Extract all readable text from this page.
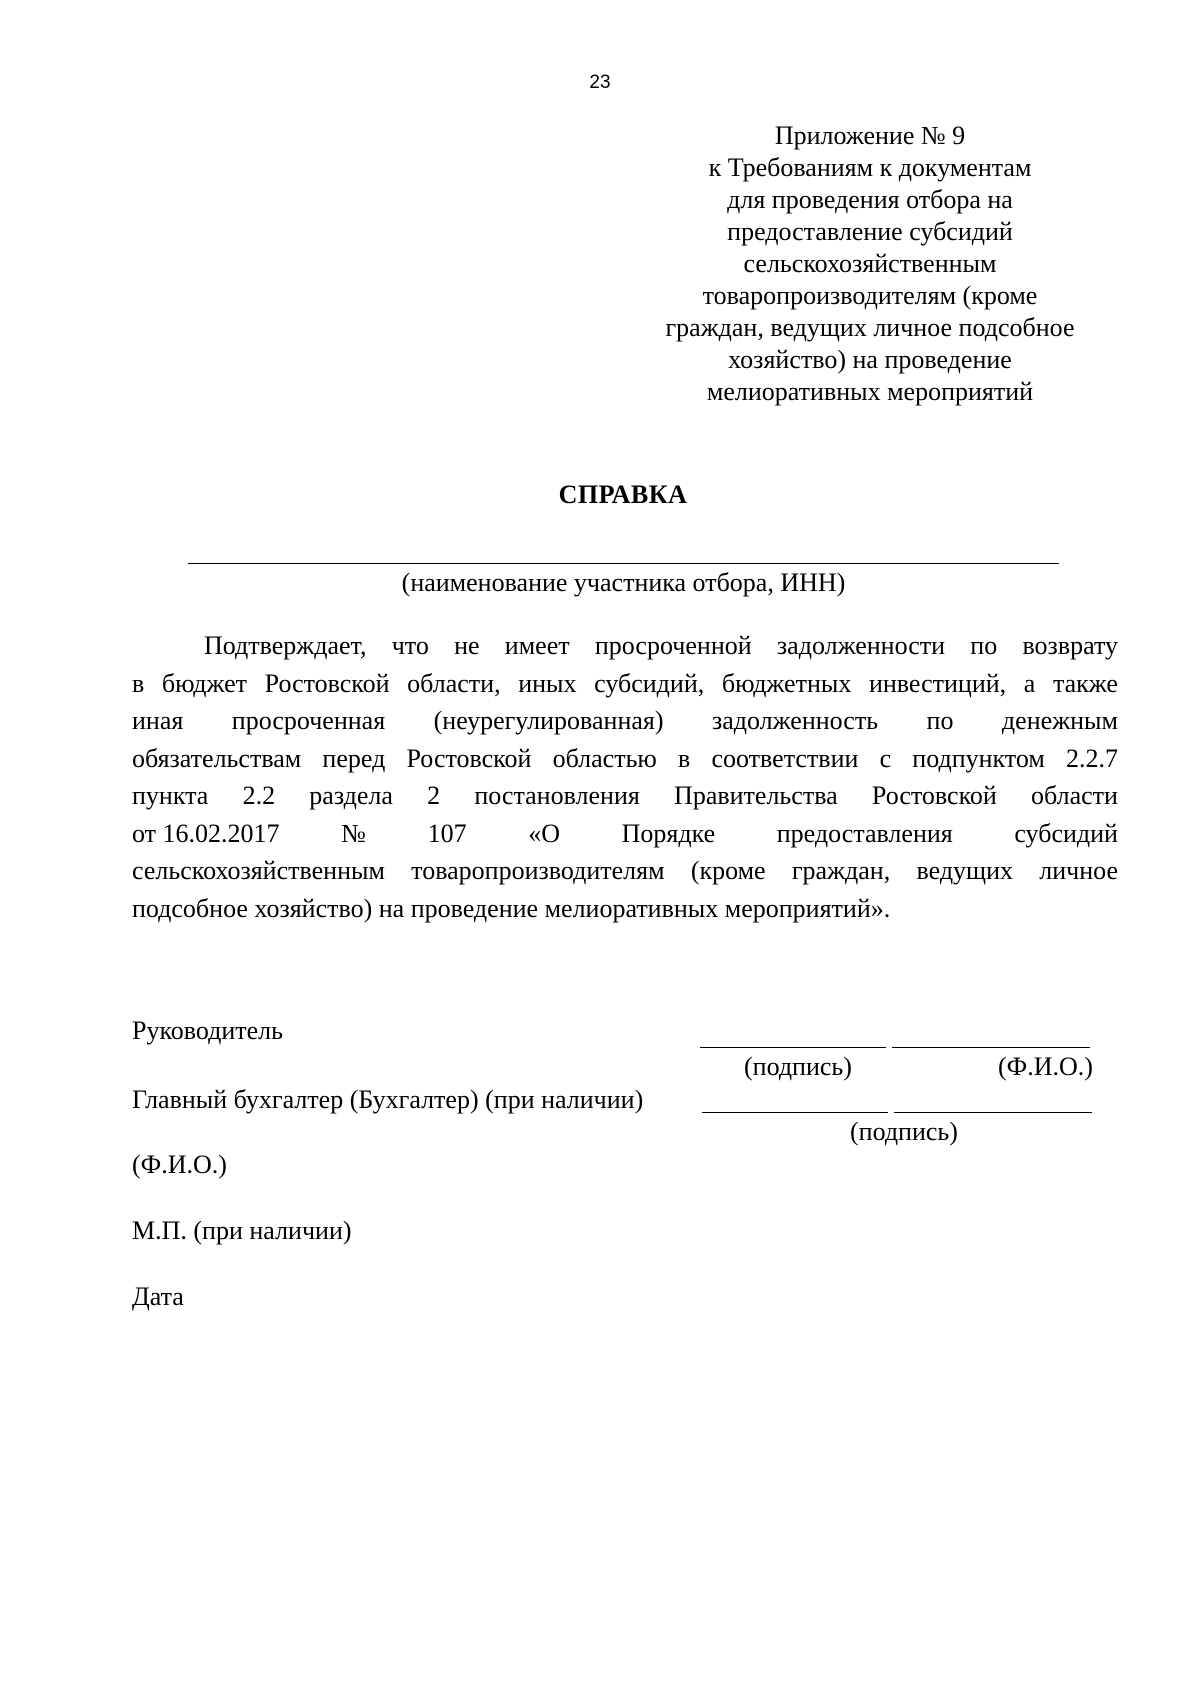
23
Приложение № 9
к Требованиям к документам
для проведения отбора на
предоставление субсидий
сельскохозяйственным
товаропроизводителям (кроме
граждан, ведущих личное подсобное
хозяйство) на проведение
мелиоративных мероприятий
СПРАВКА
(наименование участника отбора, ИНН)
Подтверждает, что не имеет просроченной задолженности по возврату
в бюджет Ростовской области, иных субсидий, бюджетных инвестиций, а также
иная просроченная (неурегулированная) задолженность по денежным
обязательствам перед Ростовской областью в соответствии с подпунктом 2.2.7
пункта 2.2 раздела 2 постановления Правительства Ростовской области
от 16.02.2017 № 107 «О Порядке предоставления субсидий
сельскохозяйственным товаропроизводителям (кроме граждан, ведущих личное
подсобное хозяйство) на проведение мелиоративных мероприятий».
Руководитель
(подпись)	(Ф.И.О.)
Главный бухгалтер (Бухгалтер) (при наличии)
(подпись)
(Ф.И.О.)
М.П. (при наличии)
Дата
